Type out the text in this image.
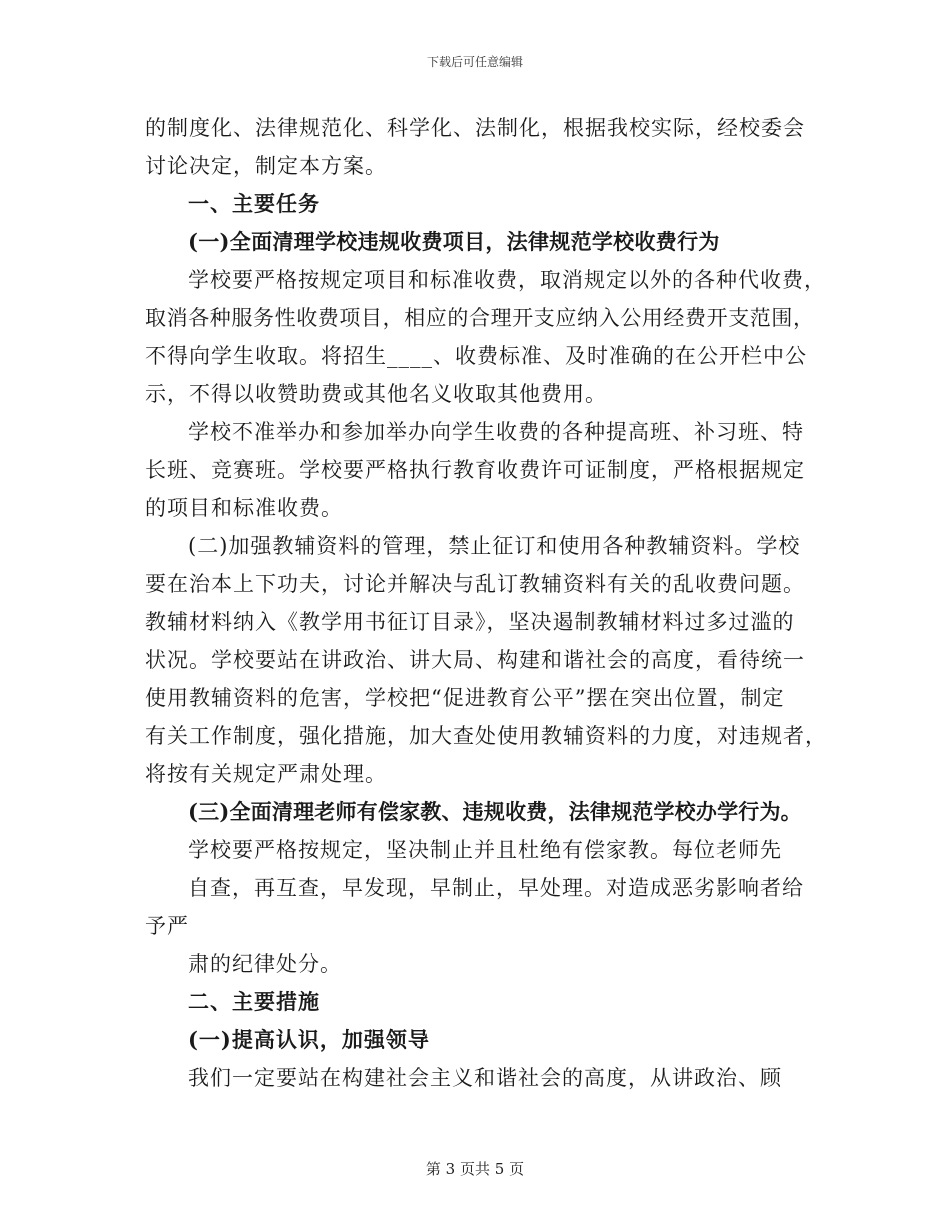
下载后可任意编辑
的制度化、法律规范化、科学化、法制化，根据我校实际，经校委会
讨论决定，制定本方案。
一、主要任务
(一)全面清理学校违规收费项目，法律规范学校收费行为
学校要严格按规定项目和标准收费，取消规定以外的各种代收费，
取消各种服务性收费项目，相应的合理开支应纳入公用经费开支范围，
不得向学生收取。将招生____、收费标准、及时准确的在公开栏中公
示，不得以收赞助费或其他名义收取其他费用。
学校不准举办和参加举办向学生收费的各种提高班、补习班、特
长班、竞赛班。学校要严格执行教育收费许可证制度，严格根据规定
的项目和标准收费。
(二)加强教辅资料的管理，禁止征订和使用各种教辅资料。学校
要在治本上下功夫，讨论并解决与乱订教辅资料有关的乱收费问题。
教辅材料纳入《教学用书征订目录》，坚决遏制教辅材料过多过滥的
状况。学校要站在讲政治、讲大局、构建和谐社会的高度，看待统一
使用教辅资料的危害，学校把“促进教育公平”摆在突出位置，制定
有关工作制度，强化措施，加大查处使用教辅资料的力度，对违规者，
将按有关规定严肃处理。
(三)全面清理老师有偿家教、违规收费，法律规范学校办学行为。
学校要严格按规定，坚决制止并且杜绝有偿家教。每位老师先
自查，再互查，早发现，早制止，早处理。对造成恶劣影响者给
予严
肃的纪律处分。
二、主要措施
(一)提高认识，加强领导
我们一定要站在构建社会主义和谐社会的高度，从讲政治、顾
第 3 页共 5 页
